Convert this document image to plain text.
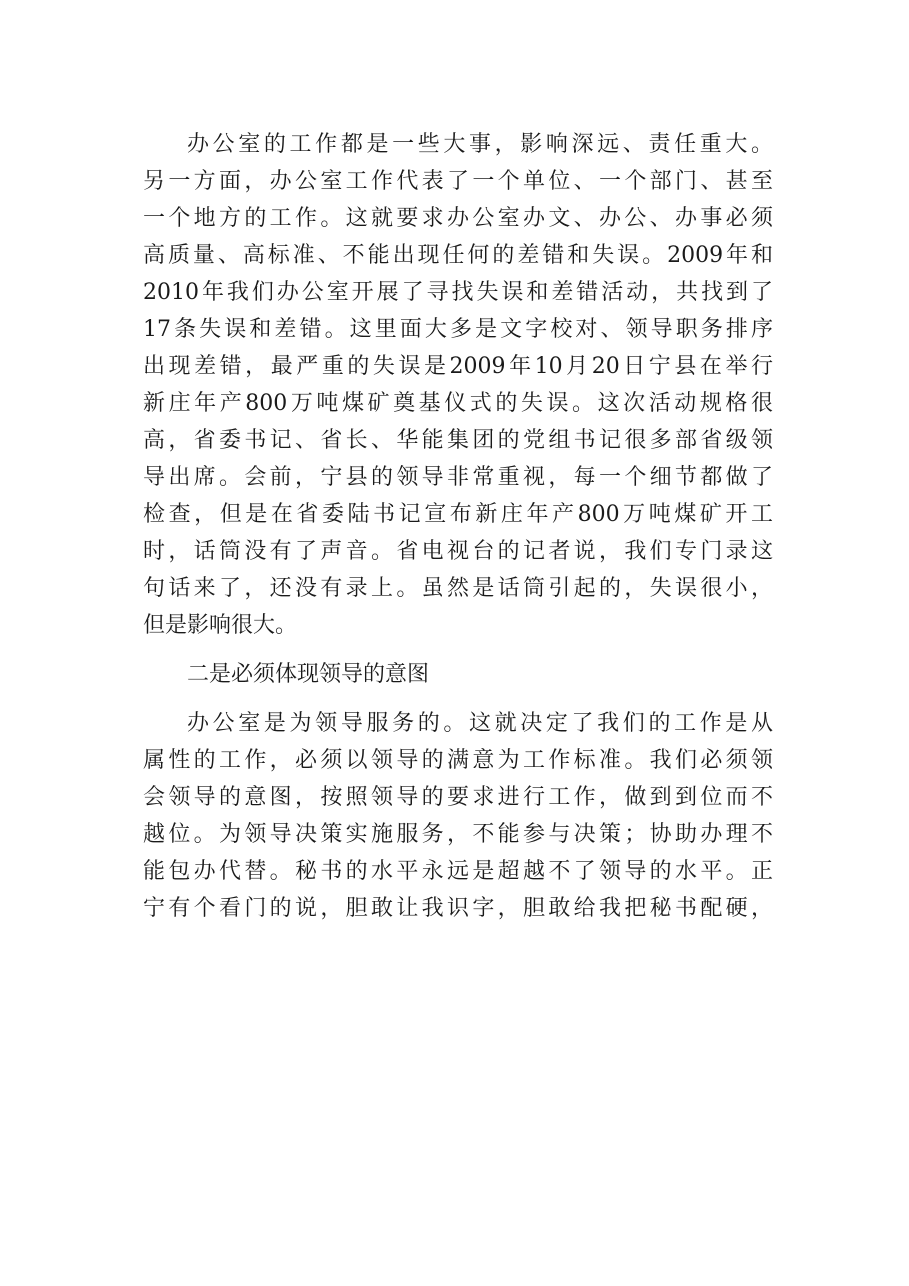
办公室的工作都是一些大事，影响深远、责任重大。
另一方面，办公室工作代表了一个单位、一个部门、甚至
一个地方的工作。这就要求办公室办文、办公、办事必须
高质量、高标准、不能出现任何的差错和失误。2009年和
2010年我们办公室开展了寻找失误和差错活动，共找到了
17条失误和差错。这里面大多是文字校对、领导职务排序
出现差错，最严重的失误是2009年10月20日宁县在举行
新庄年产800万吨煤矿奠基仪式的失误。这次活动规格很
高，省委书记、省长、华能集团的党组书记很多部省级领
导出席。会前，宁县的领导非常重视，每一个细节都做了
检查，但是在省委陆书记宣布新庄年产800万吨煤矿开工
时，话筒没有了声音。省电视台的记者说，我们专门录这
句话来了，还没有录上。虽然是话筒引起的，失误很小，
但是影响很大。
二是必须体现领导的意图
办公室是为领导服务的。这就决定了我们的工作是从
属性的工作，必须以领导的满意为工作标准。我们必须领
会领导的意图，按照领导的要求进行工作，做到到位而不
越位。为领导决策实施服务，不能参与决策；协助办理不
能包办代替。秘书的水平永远是超越不了领导的水平。正
宁有个看门的说，胆敢让我识字，胆敢给我把秘书配硬，
